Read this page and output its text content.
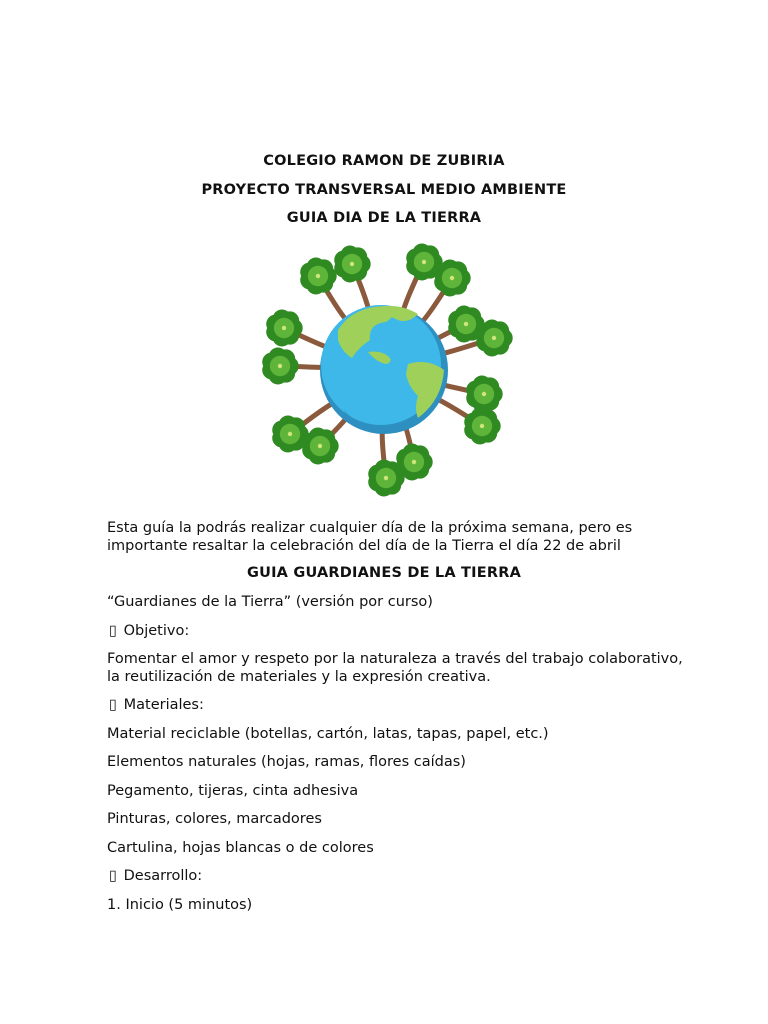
COLEGIO RAMON DE ZUBIRIA
PROYECTO TRANSVERSAL MEDIO AMBIENTE
GUIA DIA DE LA TIERRA
Esta guía la podrás realizar cualquier día de la próxima semana, pero es importante resaltar la celebración del día de la Tierra el día 22 de abril
GUIA GUARDIANES DE LA TIERRA
“Guardianes de la Tierra” (versión por curso)
▯ Objetivo:
Fomentar el amor y respeto por la naturaleza a través del trabajo colaborativo, la reutilización de materiales y la expresión creativa.
▯ Materiales:
Material reciclable (botellas, cartón, latas, tapas, papel, etc.)
Elementos naturales (hojas, ramas, flores caídas)
Pegamento, tijeras, cinta adhesiva
Pinturas, colores, marcadores
Cartulina, hojas blancas o de colores
▯ Desarrollo:
1. Inicio (5 minutos)
